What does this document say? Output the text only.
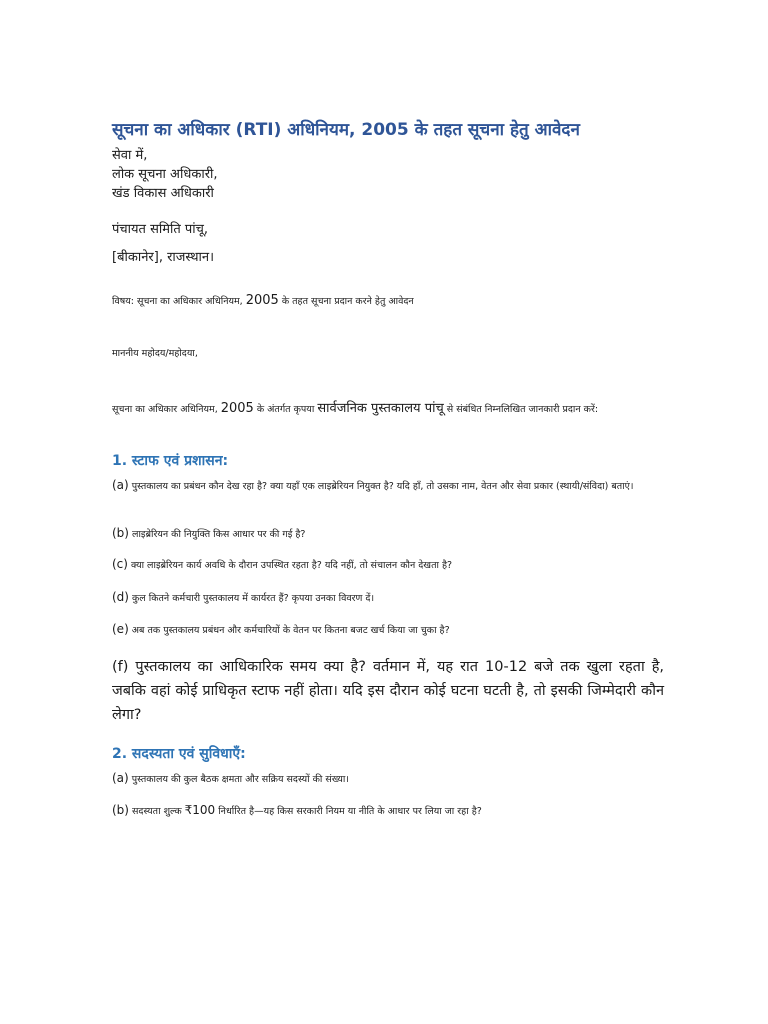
सूचना का अधिकार (RTI) अधिनियम, 2005 के तहत सूचना हेतु आवेदन
सेवा में,
लोक सूचना अधिकारी,
खंड विकास अधिकारी
पंचायत समिति पांचू,
[बीकानेर], राजस्थान।
विषय: सूचना का अधिकार अधिनियम, 2005 के तहत सूचना प्रदान करने हेतु आवेदन
माननीय महोदय/महोदया,
सूचना का अधिकार अधिनियम, 2005 के अंतर्गत कृपया सार्वजनिक पुस्तकालय पांचू से संबंधित निम्नलिखित जानकारी प्रदान करें:
1. स्टाफ एवं प्रशासन:
(a) पुस्तकालय का प्रबंधन कौन देख रहा है? क्या यहाँ एक लाइब्रेरियन नियुक्त है? यदि हाँ, तो उसका नाम, वेतन और सेवा प्रकार (स्थायी/संविदा) बताएं।
(b) लाइब्रेरियन की नियुक्ति किस आधार पर की गई है?
(c) क्या लाइब्रेरियन कार्य अवधि के दौरान उपस्थित रहता है? यदि नहीं, तो संचालन कौन देखता है?
(d) कुल कितने कर्मचारी पुस्तकालय में कार्यरत हैं? कृपया उनका विवरण दें।
(e) अब तक पुस्तकालय प्रबंधन और कर्मचारियों के वेतन पर कितना बजट खर्च किया जा चुका है?
(f) पुस्तकालय का आधिकारिक समय क्या है? वर्तमान में, यह रात 10-12 बजे तक खुला रहता है, जबकि वहां कोई प्राधिकृत स्टाफ नहीं होता। यदि इस दौरान कोई घटना घटती है, तो इसकी जिम्मेदारी कौन लेगा?
2. सदस्यता एवं सुविधाएँ:
(a) पुस्तकालय की कुल बैठक क्षमता और सक्रिय सदस्यों की संख्या।
(b) सदस्यता शुल्क ₹100 निर्धारित है—यह किस सरकारी नियम या नीति के आधार पर लिया जा रहा है?
